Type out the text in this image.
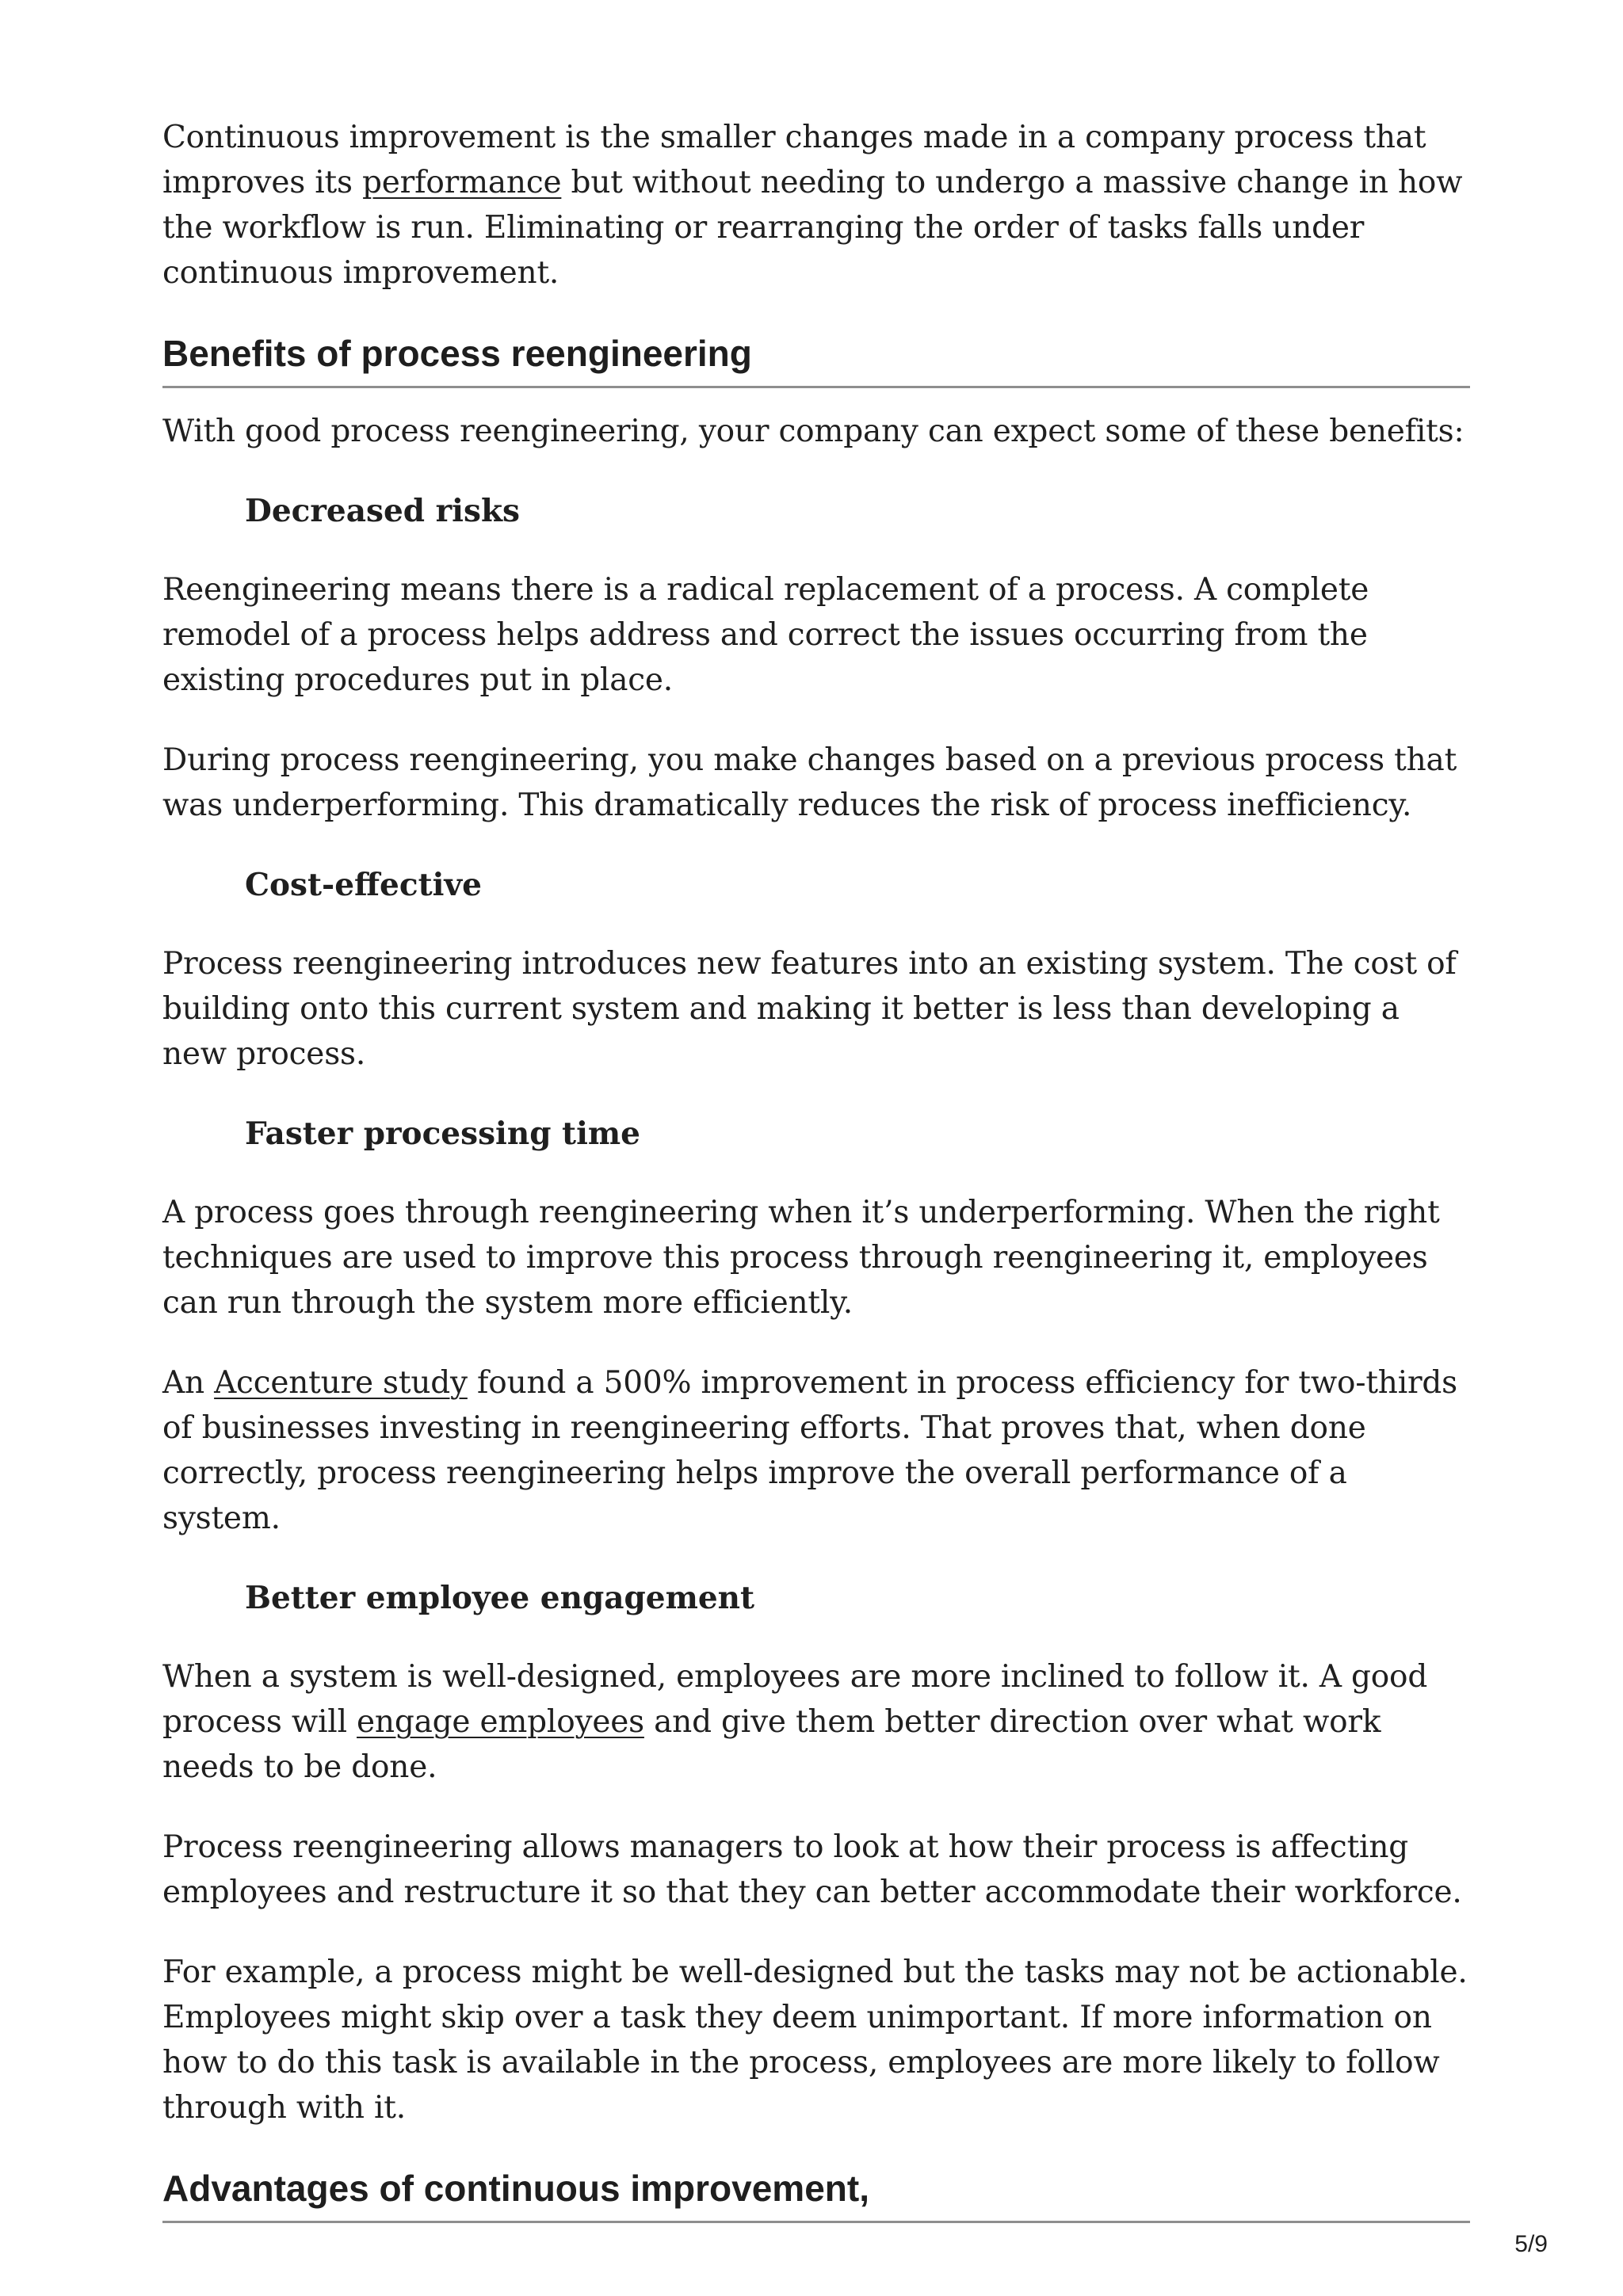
Continuous improvement is the smaller changes made in a company process that improves its performance but without needing to undergo a massive change in how the workflow is run. Eliminating or rearranging the order of tasks falls under continuous improvement.

Benefits of process reengineering

With good process reengineering, your company can expect some of these benefits:

Decreased risks

Reengineering means there is a radical replacement of a process. A complete remodel of a process helps address and correct the issues occurring from the existing procedures put in place.

During process reengineering, you make changes based on a previous process that was underperforming. This dramatically reduces the risk of process inefficiency.

Cost-effective

Process reengineering introduces new features into an existing system. The cost of building onto this current system and making it better is less than developing a new process.

Faster processing time

A process goes through reengineering when it’s underperforming. When the right techniques are used to improve this process through reengineering it, employees can run through the system more efficiently.

An Accenture study found a 500% improvement in process efficiency for two-thirds of businesses investing in reengineering efforts. That proves that, when done correctly, process reengineering helps improve the overall performance of a system.

Better employee engagement

When a system is well-designed, employees are more inclined to follow it. A good process will engage employees and give them better direction over what work needs to be done.

Process reengineering allows managers to look at how their process is affecting employees and restructure it so that they can better accommodate their workforce.

For example, a process might be well-designed but the tasks may not be actionable. Employees might skip over a task they deem unimportant. If more information on how to do this task is available in the process, employees are more likely to follow through with it.

Advantages of continuous improvement,
5/9
